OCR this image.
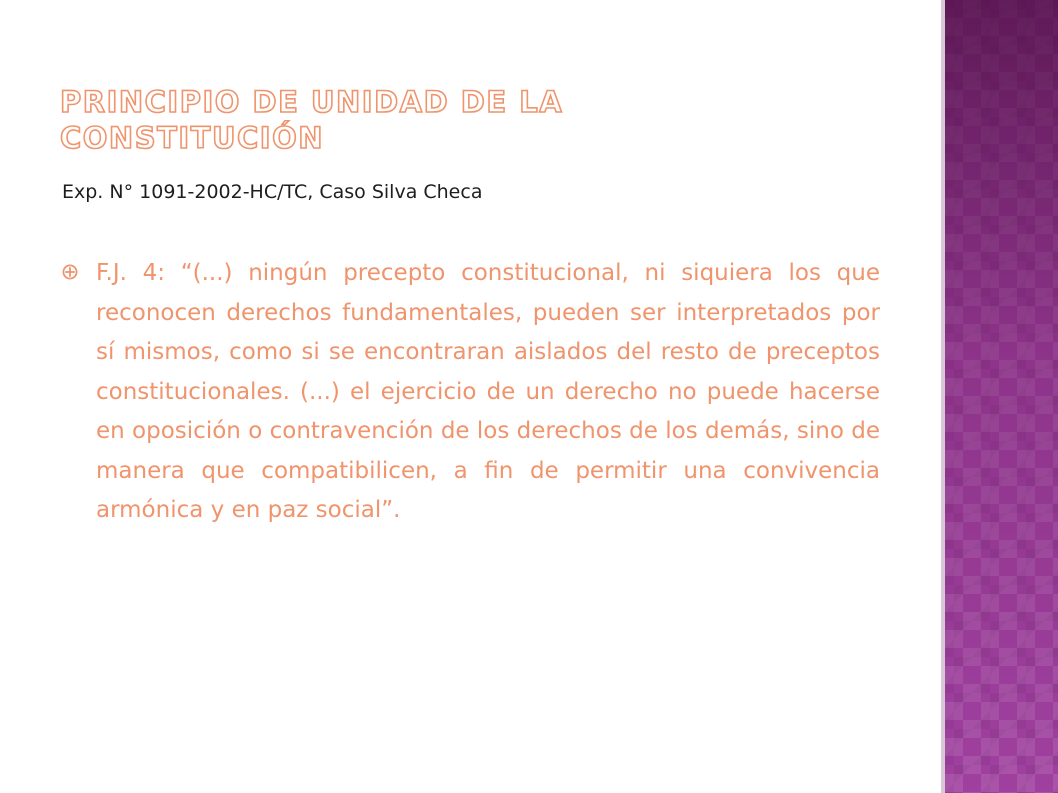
PRINCIPIO DE UNIDAD DE LA CONSTITUCIÓN
Exp. N° 1091-2002-HC/TC, Caso Silva Checa
F.J. 4: “(...) ningún precepto constitucional, ni siquiera los que reconocen derechos fundamentales, pueden ser interpretados por sí mismos, como si se encontraran aislados del resto de preceptos constitucionales. (...) el ejercicio de un derecho no puede hacerse en oposición o contravención de los derechos de los demás, sino de manera que compatibilicen, a fin de permitir una convivencia armónica y en paz social”.
